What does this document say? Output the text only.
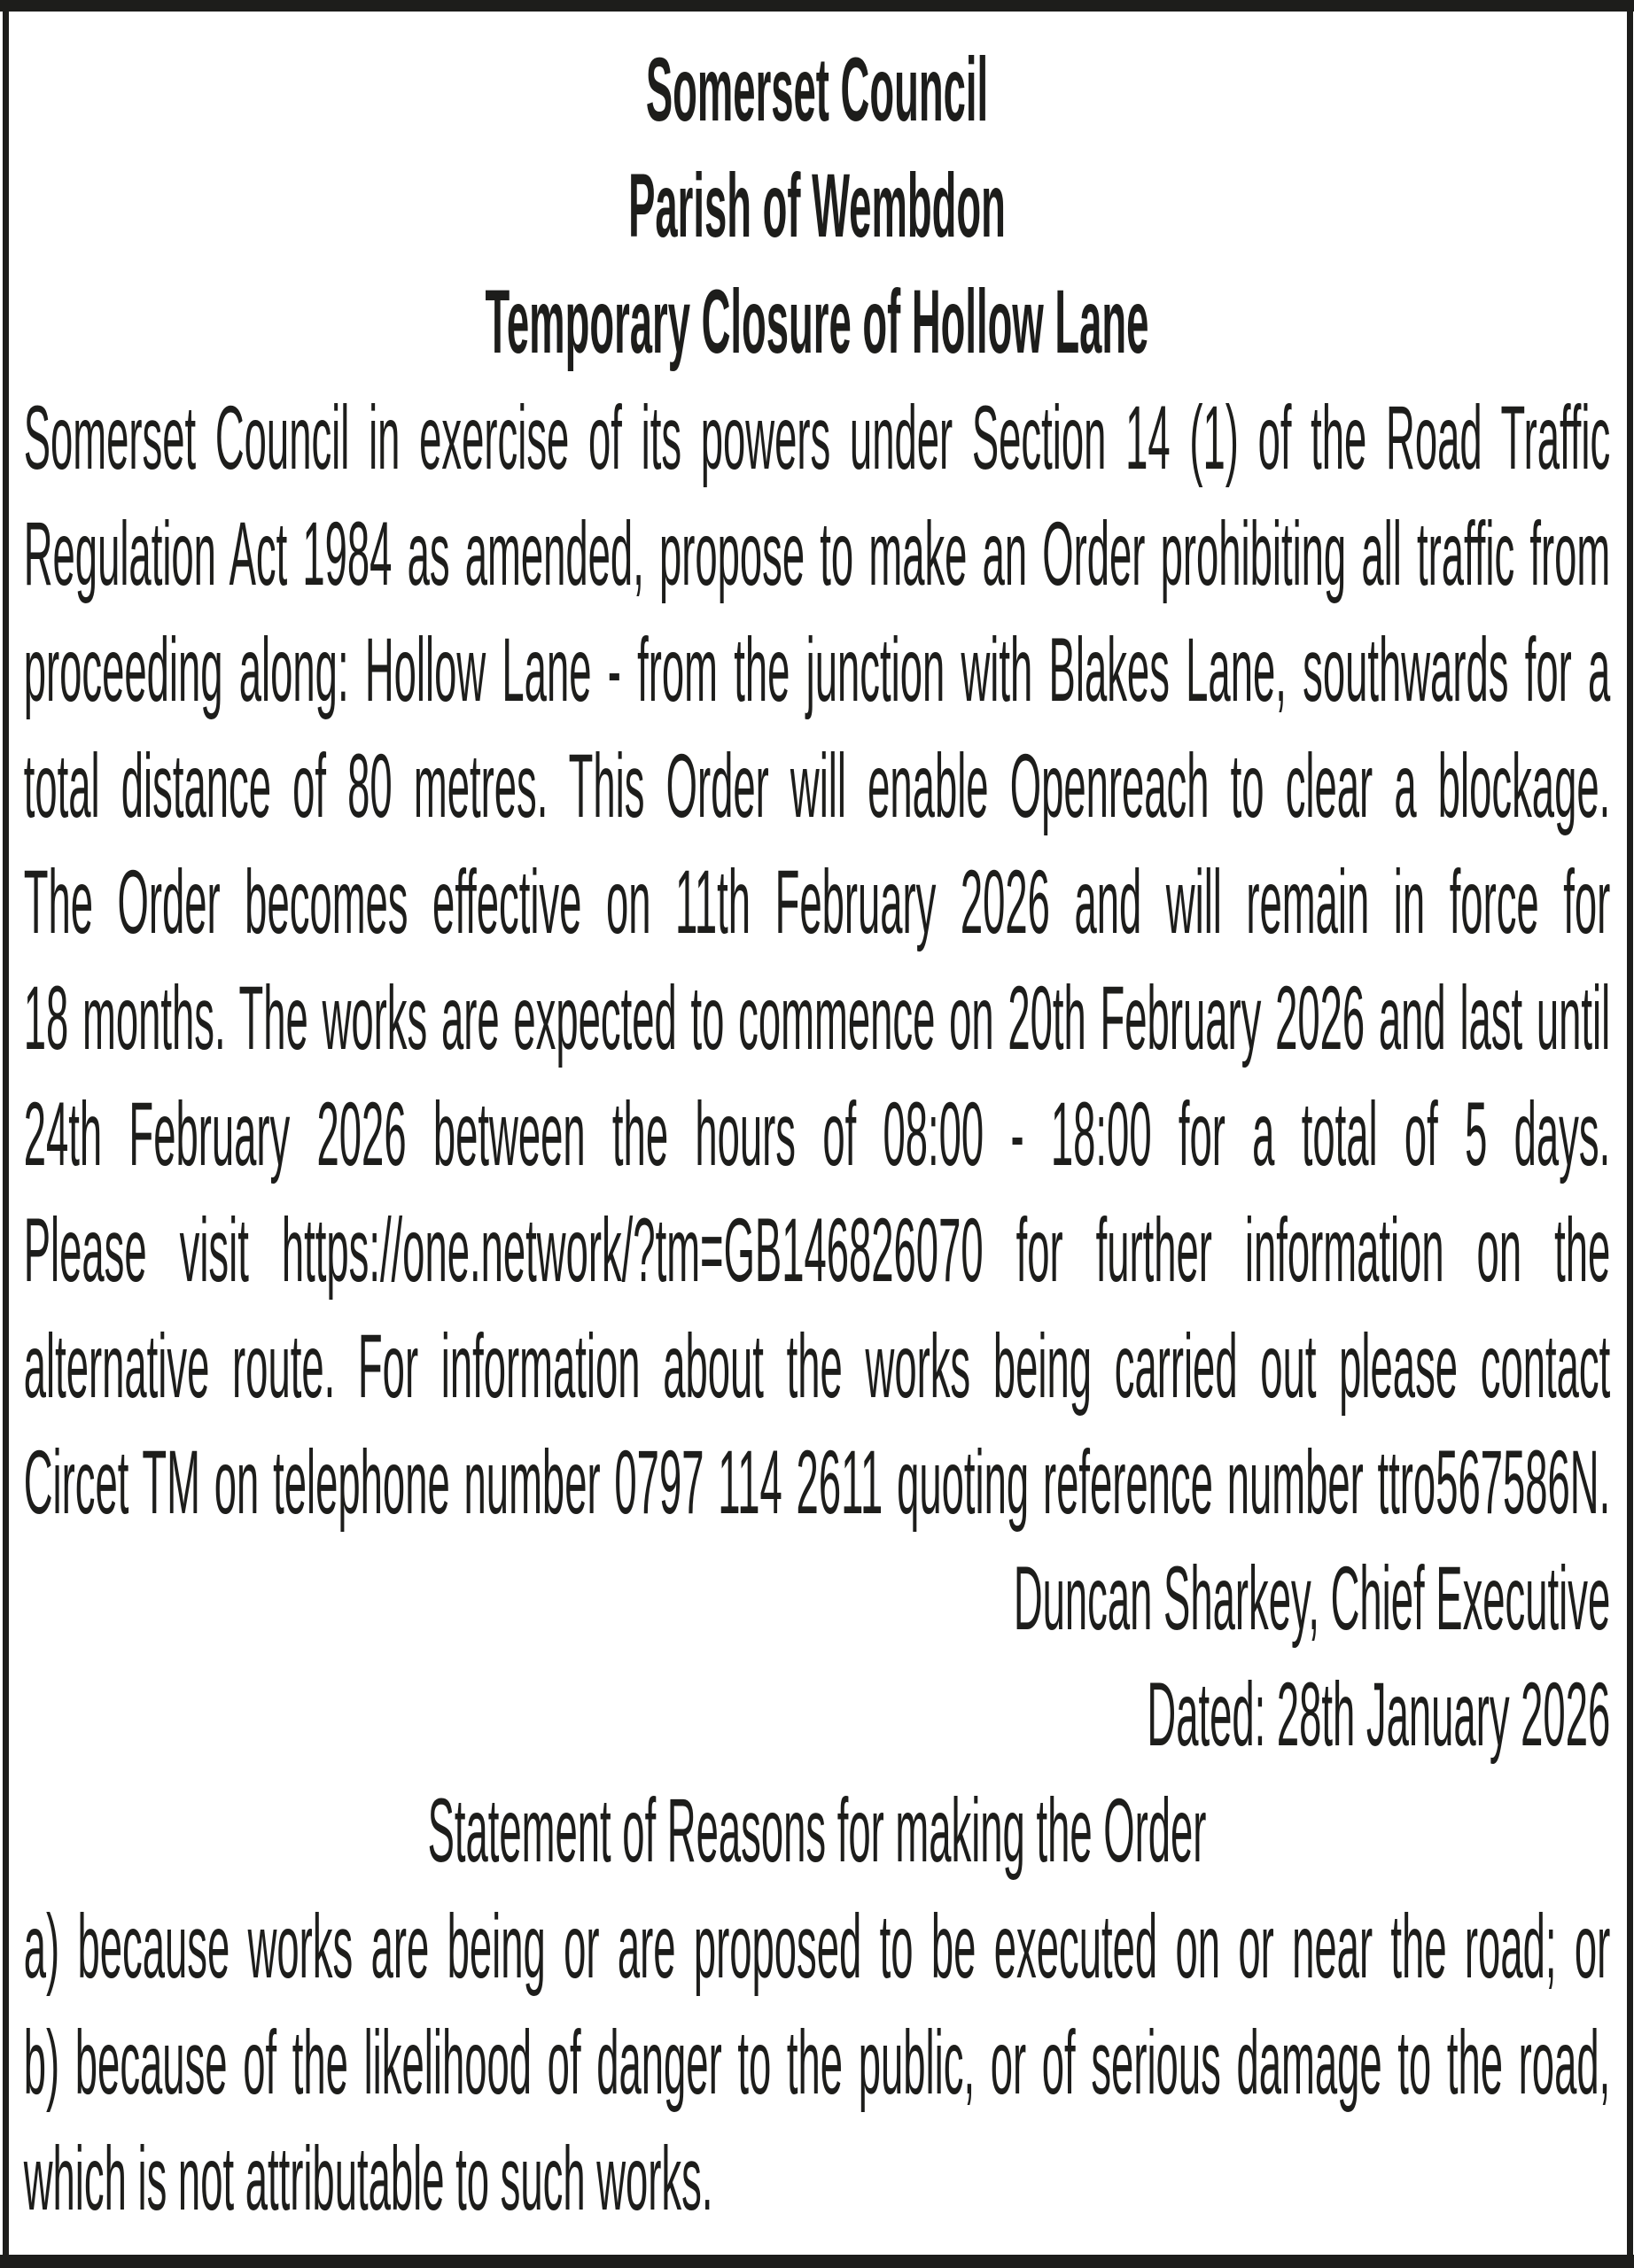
Somerset Council
Parish of Wembdon
Temporary Closure of Hollow Lane
Somerset Council in exercise of its powers under Section 14 (1) of the Road Traffic
Regulation Act 1984 as amended, propose to make an Order prohibiting all traffic from
proceeding along: Hollow Lane - from the junction with Blakes Lane, southwards for a
total distance of 80 metres. This Order will enable Openreach to clear a blockage.
The Order becomes effective on 11th February 2026 and will remain in force for
18 months. The works are expected to commence on 20th February 2026 and last until
24th February 2026 between the hours of 08:00 - 18:00 for a total of 5 days.
Please visit https://one.network/?tm=GB146826070 for further information on the
alternative route. For information about the works being carried out please contact
Circet TM on telephone number 0797 114 2611 quoting reference number ttro567586N.
Duncan Sharkey, Chief Executive
Dated: 28th January 2026
Statement of Reasons for making the Order
a) because works are being or are proposed to be executed on or near the road; or
b) because of the likelihood of danger to the public, or of serious damage to the road,
which is not attributable to such works.
